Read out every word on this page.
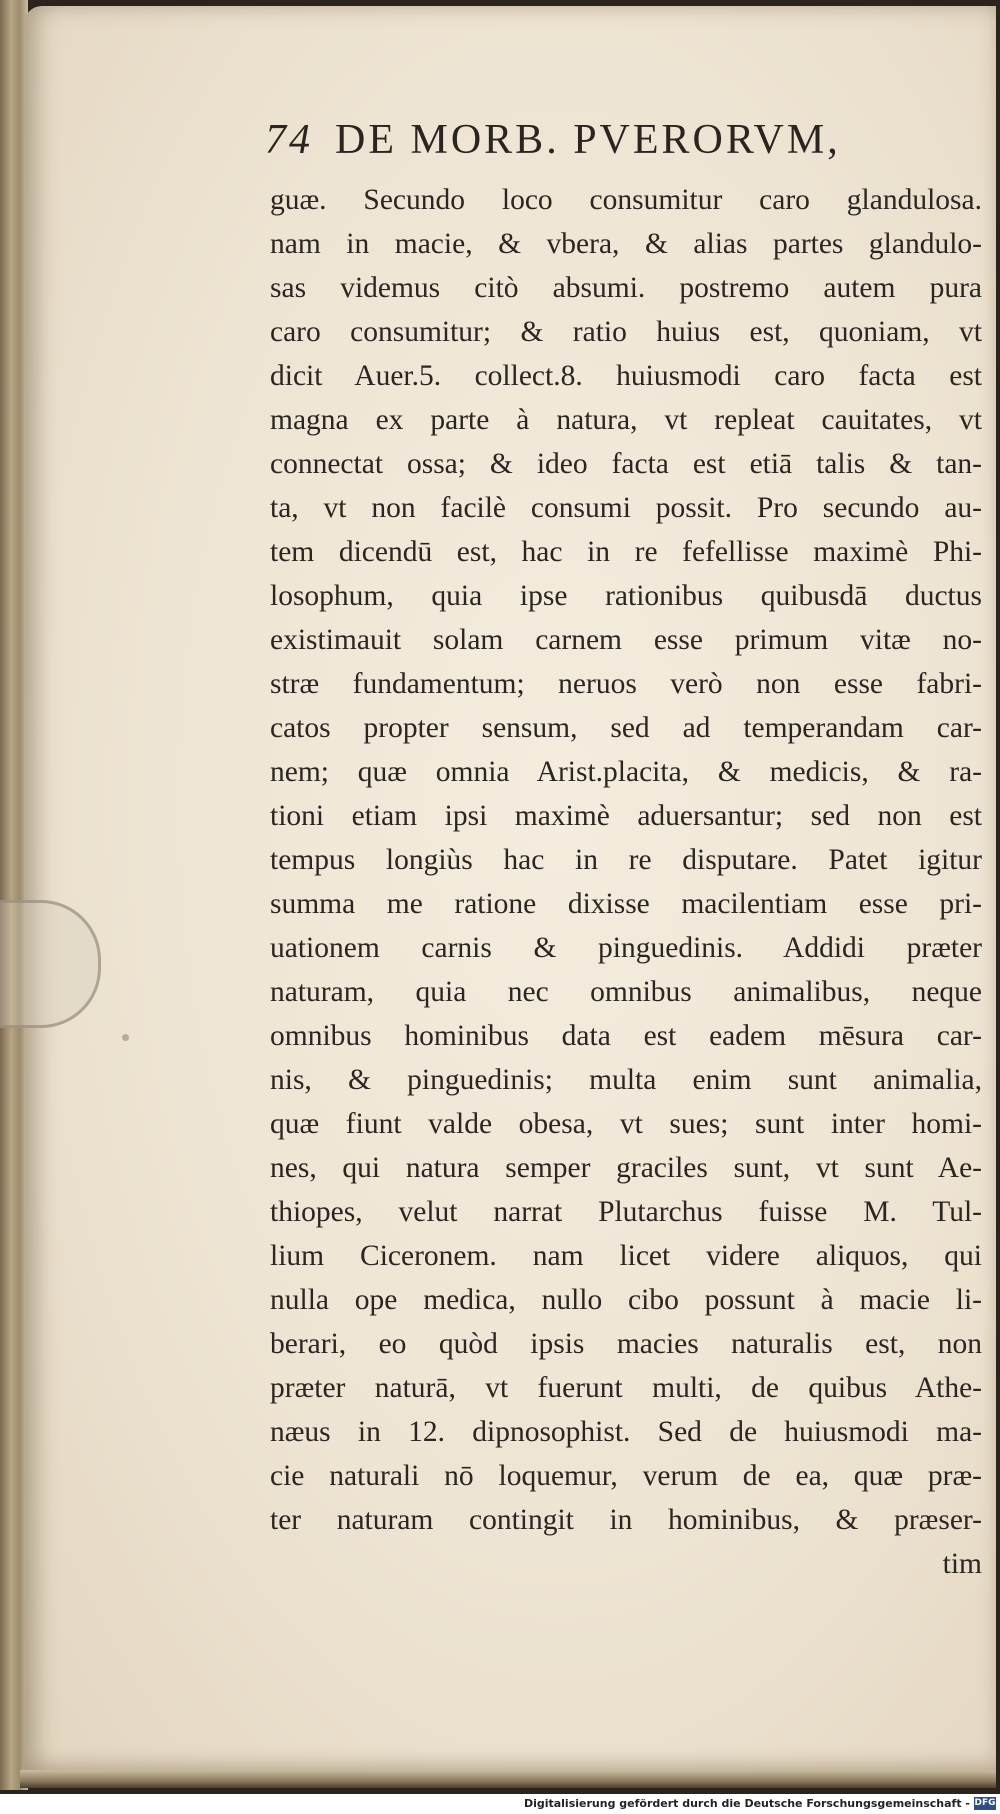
74 DE MORB. PVERORVM,
guæ. Secundo loco consumitur caro glandulosa.
nam in macie, & vbera, & alias partes glandulo-
sas videmus citò absumi. postremo autem pura
caro consumitur; & ratio huius est, quoniam, vt
dicit Auer.5. collect.8. huiusmodi caro facta est
magna ex parte à natura, vt repleat cauitates, vt
connectat ossa; & ideo facta est etiā talis & tan-
ta, vt non facilè consumi possit. Pro secundo au-
tem dicendū est, hac in re fefellisse maximè Phi-
losophum, quia ipse rationibus quibusdā ductus
existimauit solam carnem esse primum vitæ no-
stræ fundamentum; neruos verò non esse fabri-
catos propter sensum, sed ad temperandam car-
nem; quæ omnia Arist.placita, & medicis, & ra-
tioni etiam ipsi maximè aduersantur; sed non est
tempus longiùs hac in re disputare. Patet igitur
summa me ratione dixisse macilentiam esse pri-
uationem carnis & pinguedinis. Addidi præter
naturam, quia nec omnibus animalibus, neque
omnibus hominibus data est eadem mēsura car-
nis, & pinguedinis; multa enim sunt animalia,
quæ fiunt valde obesa, vt sues; sunt inter homi-
nes, qui natura semper graciles sunt, vt sunt Ae-
thiopes, velut narrat Plutarchus fuisse M. Tul-
lium Ciceronem. nam licet videre aliquos, qui
nulla ope medica, nullo cibo possunt à macie li-
berari, eo quòd ipsis macies naturalis est, non
præter naturā, vt fuerunt multi, de quibus Athe-
næus in 12. dipnosophist. Sed de huiusmodi ma-
cie naturali nō loquemur, verum de ea, quæ præ-
ter naturam contingit in hominibus, & præser-
tim
Digitalisierung gefördert durch die Deutsche Forschungsgemeinschaft - DFG
